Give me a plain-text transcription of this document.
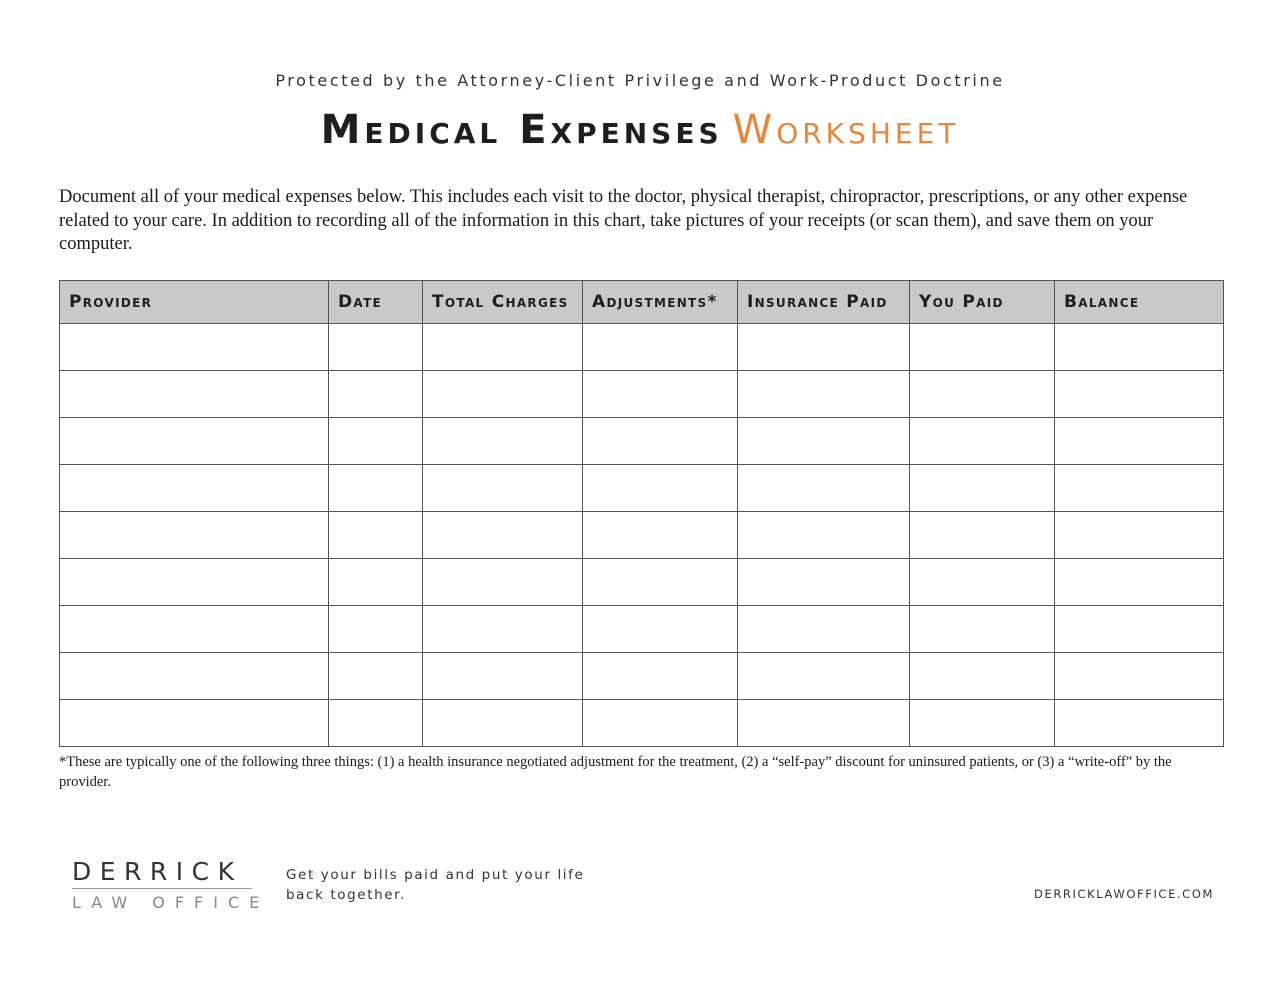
Protected by the Attorney-Client Privilege and Work-Product Doctrine
Medical Expenses Worksheet
Document all of your medical expenses below. This includes each visit to the doctor, physical therapist, chiropractor, prescriptions, or any other expense related to your care. In addition to recording all of the information in this chart, take pictures of your receipts (or scan them), and save them on your computer.
Provider	Date	Total Charges	Adjustments*	Insurance Paid	You Paid	Balance

*These are typically one of the following three things: (1) a health insurance negotiated adjustment for the treatment, (2) a “self-pay” discount for uninsured patients, or (3) a “write-off” by the provider.
DERRICK
LAW OFFICE
Get your bills paid and put your life back together.	DERRICKLAWOFFICE.COM
